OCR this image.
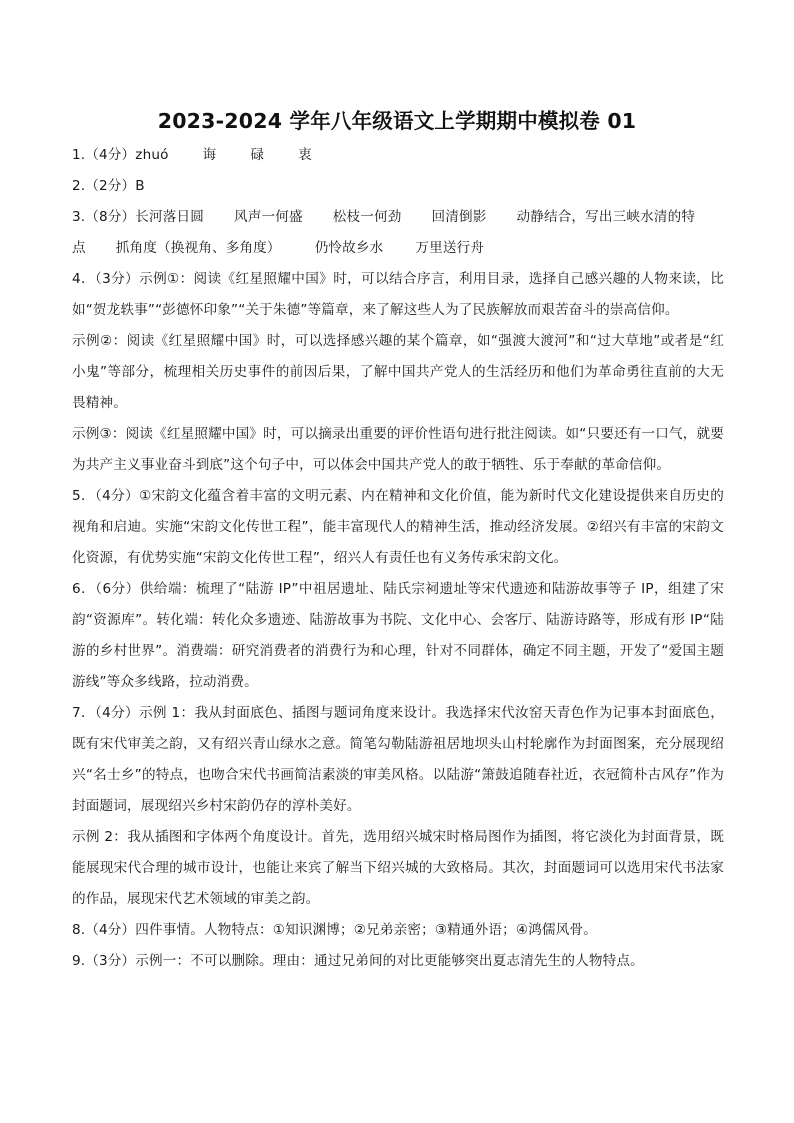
2023-2024 学年八年级语文上学期期中模拟卷 01
1.（4分）zhuó	诲	碌	衷

2.（2分）B

3.（8分）长河落日圆 风声一何盛 松枝一何劲 回清倒影 动静结合，写出三峡水清的特
点 抓角度（换视角、多角度）	仍怜故乡水 万里送行舟

4．（3分）示例①：阅读《红星照耀中国》时，可以结合序言，利用目录，选择自己感兴趣的人物来读，比如“贺龙轶事”“彭德怀印象”“关于朱德”等篇章，来了解这些人为了民族解放而艰苦奋斗的崇高信仰。

示例②：阅读《红星照耀中国》时，可以选择感兴趣的某个篇章，如“强渡大渡河”和“过大草地”或者是“红小鬼”等部分，梳理相关历史事件的前因后果，了解中国共产党人的生活经历和他们为革命勇往直前的大无畏精神。

示例③：阅读《红星照耀中国》时，可以摘录出重要的评价性语句进行批注阅读。如“只要还有一口气，就要为共产主义事业奋斗到底”这个句子中，可以体会中国共产党人的敢于牺牲、乐于奉献的革命信仰。

5．（4分）①宋韵文化蕴含着丰富的文明元素、内在精神和文化价值，能为新时代文化建设提供来自历史的视角和启迪。实施“宋韵文化传世工程”，能丰富现代人的精神生活，推动经济发展。②绍兴有丰富的宋韵文化资源，有优势实施“宋韵文化传世工程”，绍兴人有责任也有义务传承宋韵文化。

6．（6分）供给端：梳理了“陆游 IP”中祖居遗址、陆氏宗祠遗址等宋代遗迹和陆游故事等子 IP，组建了宋韵“资源库”。转化端：转化众多遗迹、陆游故事为书院、文化中心、会客厅、陆游诗路等，形成有形 IP“陆游的乡村世界”。消费端：研究消费者的消费行为和心理，针对不同群体，确定不同主题，开发了“爱国主题游线”等众多线路，拉动消费。

7．（4分）示例 1：我从封面底色、插图与题词角度来设计。我选择宋代汝窑天青色作为记事本封面底色，既有宋代审美之韵，又有绍兴青山绿水之意。简笔勾勒陆游祖居地坝头山村轮廓作为封面图案，充分展现绍兴“名士乡”的特点，也吻合宋代书画简洁素淡的审美风格。以陆游“箫鼓追随春社近，衣冠简朴古风存”作为封面题词，展现绍兴乡村宋韵仍存的淳朴美好。

示例 2：我从插图和字体两个角度设计。首先，选用绍兴城宋时格局图作为插图，将它淡化为封面背景，既能展现宋代合理的城市设计，也能让来宾了解当下绍兴城的大致格局。其次，封面题词可以选用宋代书法家的作品，展现宋代艺术领域的审美之韵。

8.（4分）四件事情。人物特点：①知识渊博；②兄弟亲密；③精通外语；④鸿儒风骨。

9.（3分）示例一：不可以删除。理由：通过兄弟间的对比更能够突出夏志清先生的人物特点。
